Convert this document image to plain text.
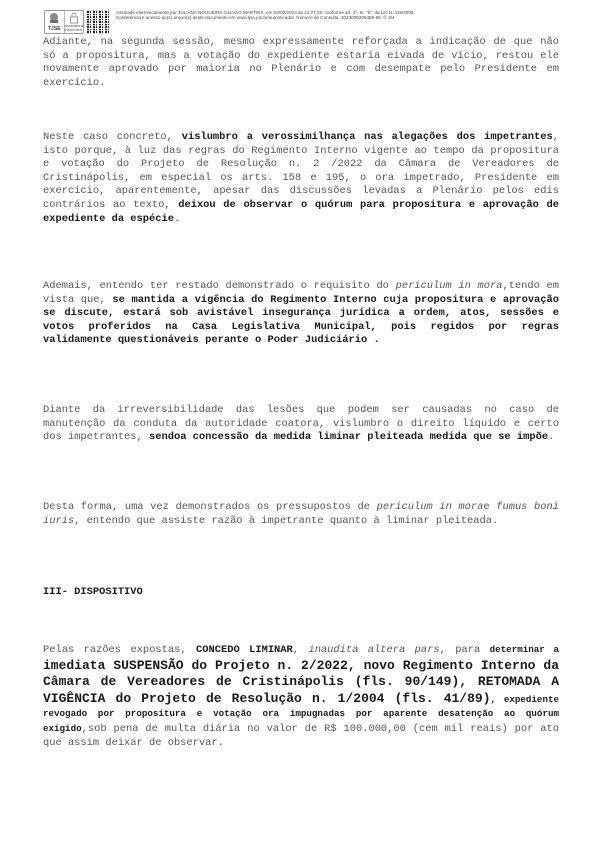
TJSE
assinatura eletrônica
Assinado eletronicamente por JULIANA NOGUEIRA GALVAO MARTINS, em 02/02/2023 às 13:27:28, conforme art. 1º, III, "b", da Lei 11.419/2006.
Conferência e acesso ao(s) anexo(s) deste documento em www.tjse.jus.br/autenticador. Número de Consulta: 2023000206488-68. fl: 3/4
Adiante, na segunda sessão, mesmo expressamente reforçada a indicação de que não só a propositura, mas a votação do expediente estaria eivada de vício, restou ele novamente aprovado por maioria no Plenário e com desempate pelo Presidente em exercício.
Neste caso concreto, vislumbro a verossimilhança nas alegações dos impetrantes, isto porque, à luz das regras do Regimento Interno vigente ao tempo da propositura e votação do Projeto de Resolução n. 2 /2022 da Câmara de Vereadores de Cristinápolis, em especial os arts. 158 e 195, o ora impetrado, Presidente em exercício, aparentemente, apesar das discussões levadas a Plenário pelos edis contrários ao texto, deixou de observar o quórum para propositura e aprovação de expediente da espécie.
Ademais, entendo ter restado demonstrado o requisito do periculum in mora,tendo em vista que, se mantida a vigência do Regimento Interno cuja propositura e aprovação se discute, estará sob avistável insegurança jurídica a ordem, atos, sessões e votos proferidos na Casa Legislativa Municipal, pois regidos por regras validamente questionáveis perante o Poder Judiciário .
Diante da irreversibilidade das lesões que podem ser causadas no caso de manutenção da conduta da autoridade coatora, vislumbro o direito líquido e certo dos impetrantes, sendoa concessão da medida liminar pleiteada medida que se impõe.
Desta forma, uma vez demonstrados os pressupostos de periculum in morae fumus boni iuris, entendo que assiste razão à impetrante quanto à liminar pleiteada.
III- DISPOSITIVO
Pelas razões expostas, CONCEDO LIMINAR, inaudita altera pars, para determinar a imediata SUSPENSÃO do Projeto n. 2/2022, novo Regimento Interno da Câmara de Vereadores de Cristinápolis (fls. 90/149), RETOMADA A VIGÊNCIA do Projeto de Resolução n. 1/2004 (fls. 41/89), expediente revogado por propositura e votação ora impugnadas por aparente desatenção ao quórum exigido,sob pena de multa diária no valor de R$ 100.000,00 (cem mil reais) por ato que assim deixar de observar.
